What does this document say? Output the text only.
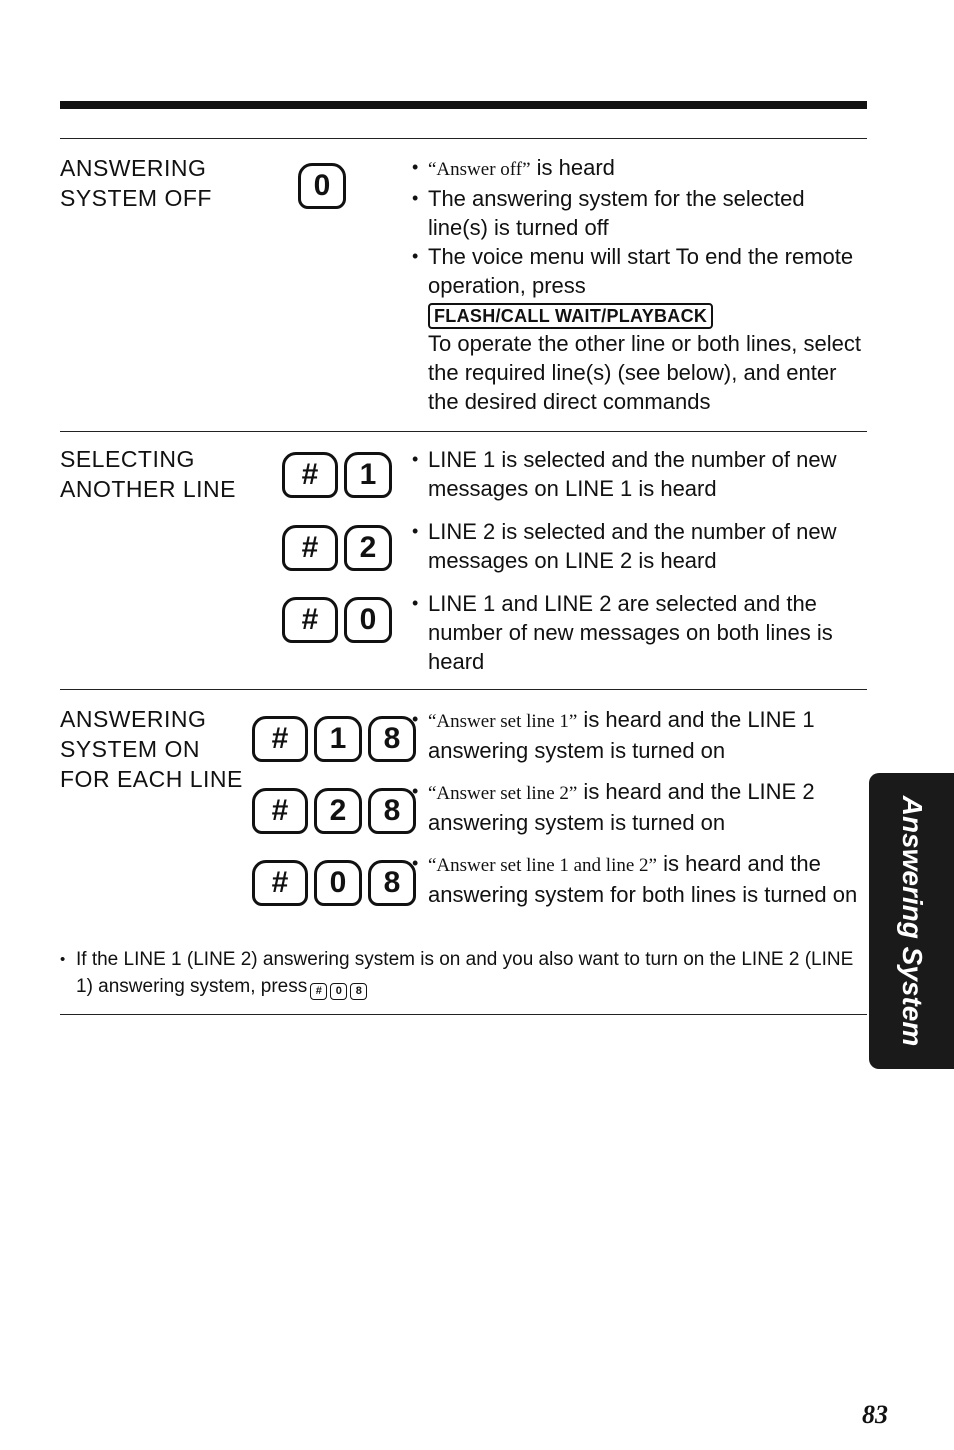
ANSWERING
SYSTEM OFF	0
•	“Answer off” is heard
• The answering system for the selected line(s) is turned off
• The voice menu will start To end the remote operation, press
FLASH/CALL WAIT/PLAYBACK
To operate the other line or both lines, select the required line(s) (see below), and enter the desired direct commands
SELECTING
ANOTHER LINE	#	1
#	2
#	0
• LINE 1 is selected and the number of new messages on LINE 1 is heard
• LINE 2 is selected and the number of new messages on LINE 2 is heard
• LINE 1 and LINE 2 are selected and the number of new messages on both lines is heard
ANSWERING
SYSTEM ON
FOR EACH LINE
#	1	8
#	2	8
#	0	8
• “Answer set line 1” is heard and the LINE 1 answering system is turned on
• “Answer set line 2” is heard and the LINE 2 answering system is turned on
• “Answer set line 1 and line 2” is heard and the answering system for both lines is turned on
• If the LINE 1 (LINE 2) answering system is on and you also want to turn on the LINE 2 (LINE 1) answering system, press # 0 8	Answering System
83
